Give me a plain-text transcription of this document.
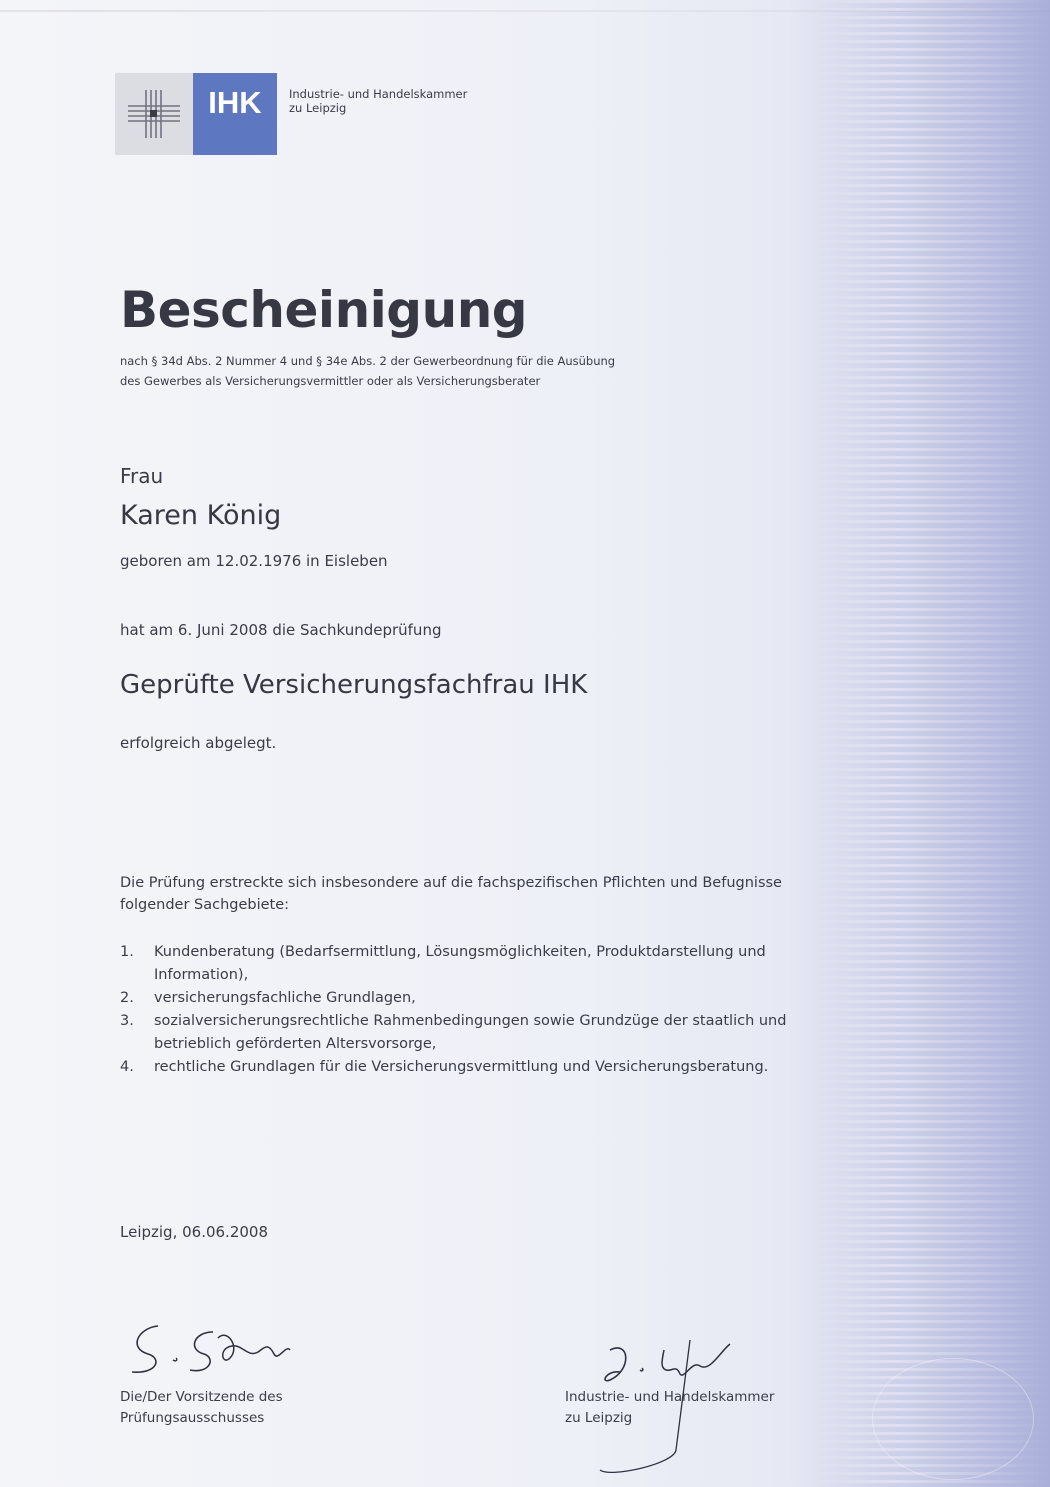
IHK	Industrie- und Handelskammer
zu Leipzig
Bescheinigung
nach § 34d Abs. 2 Nummer 4 und § 34e Abs. 2 der Gewerbeordnung für die Ausübung
des Gewerbes als Versicherungsvermittler oder als Versicherungsberater
Frau
Karen König
geboren am 12.02.1976 in Eisleben
hat am 6. Juni 2008 die Sachkundeprüfung
Geprüfte Versicherungsfachfrau IHK
erfolgreich abgelegt.
Die Prüfung erstreckte sich insbesondere auf die fachspezifischen Pflichten und Befugnisse folgender Sachgebiete:
1.	Kundenberatung (Bedarfsermittlung, Lösungsmöglichkeiten, Produktdarstellung und Information),
2.	versicherungsfachliche Grundlagen,
3.	sozialversicherungsrechtliche Rahmenbedingungen sowie Grundzüge der staatlich und betrieblich geförderten Altersvorsorge,
4.	rechtliche Grundlagen für die Versicherungsvermittlung und Versicherungsberatung.
Leipzig, 06.06.2008
Die/Der Vorsitzende des
Prüfungsausschusses
Industrie- und Handelskammer
zu Leipzig
